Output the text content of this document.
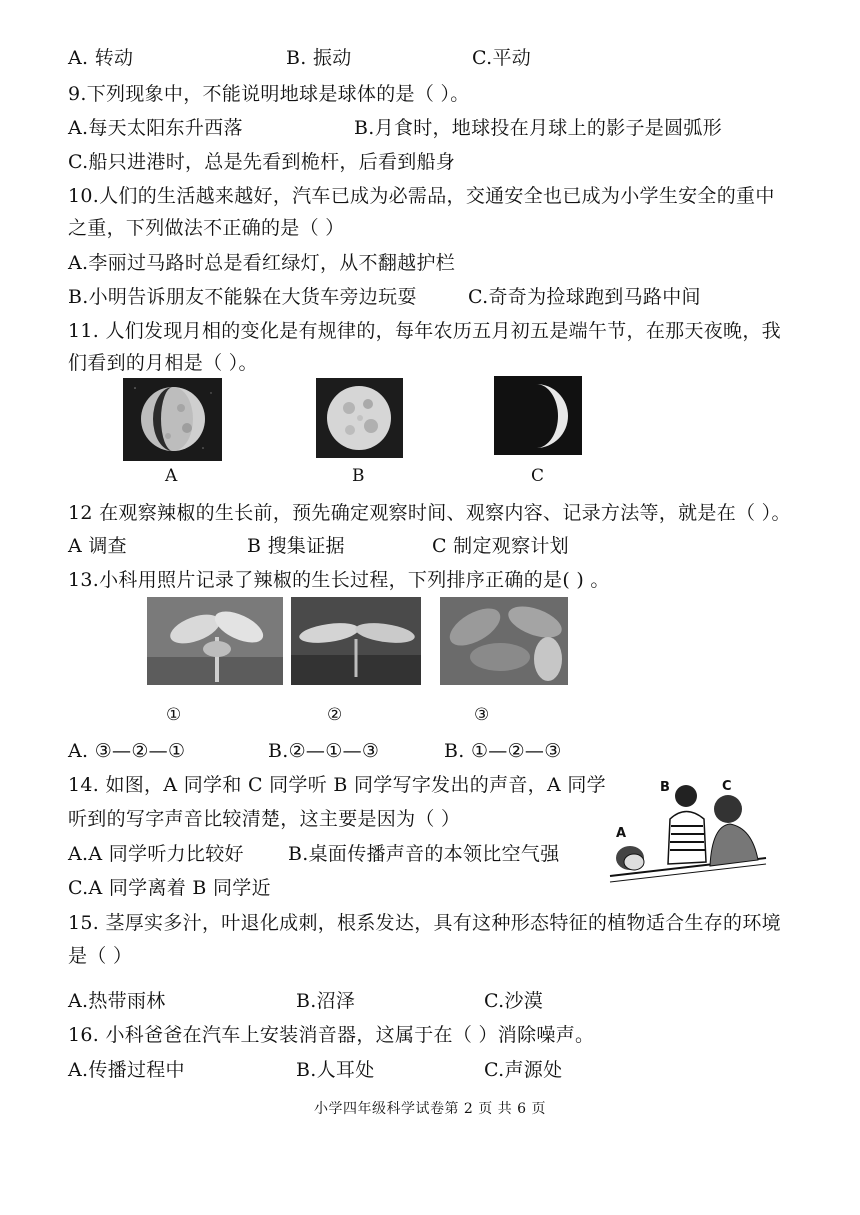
A. 转动	B. 振动	C.平动
9.下列现象中，不能说明地球是球体的是（ ）。
A.每天太阳东升西落	B.月食时，地球投在月球上的影子是圆弧形
C.船只进港时，总是先看到桅杆，后看到船身
10.人们的生活越来越好，汽车已成为必需品，交通安全也已成为小学生安全的重中
之重，下列做法不正确的是（ ）
A.李丽过马路时总是看红绿灯，从不翻越护栏
B.小明告诉朋友不能躲在大货车旁边玩耍	C.奇奇为捡球跑到马路中间
11. 人们发现月相的变化是有规律的，每年农历五月初五是端午节，在那天夜晚，我
们看到的月相是（ ）。
A	B	C
12 在观察辣椒的生长前，预先确定观察时间、观察内容、记录方法等，就是在（ ）。
A 调查	B 搜集证据	C 制定观察计划
13.小科用照片记录了辣椒的生长过程，下列排序正确的是( ) 。
①	②	③
A. ③—②—①	B.②—①—③	B. ①—②—③
14. 如图，A 同学和 C 同学听 B 同学写字发出的声音，A 同学
听到的写字声音比较清楚，这主要是因为（ ）
A.A 同学听力比较好 B.桌面传播声音的本领比空气强
C.A 同学离着 B 同学近
A
B	C
15. 茎厚实多汁，叶退化成刺，根系发达，具有这种形态特征的植物适合生存的环境
是（ ）
A.热带雨林	B.沼泽	C.沙漠
16. 小科爸爸在汽车上安装消音器，这属于在（ ）消除噪声。
A.传播过程中	B.人耳处	C.声源处
小学四年级科学试卷第 2 页 共 6 页
